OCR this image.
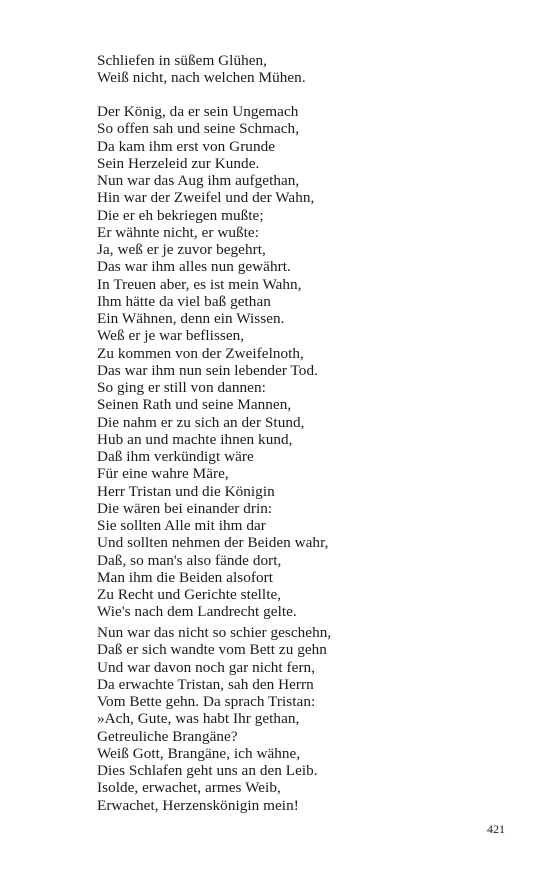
Schliefen in süßem Glühen,
Weiß nicht, nach welchen Mühen.
Der König, da er sein Ungemach
So offen sah und seine Schmach,
Da kam ihm erst von Grunde
Sein Herzeleid zur Kunde.
Nun war das Aug ihm aufgethan,
Hin war der Zweifel und der Wahn,
Die er eh bekriegen mußte;
Er wähnte nicht, er wußte:
Ja, weß er je zuvor begehrt,
Das war ihm alles nun gewährt.
In Treuen aber, es ist mein Wahn,
Ihm hätte da viel baß gethan
Ein Wähnen, denn ein Wissen.
Weß er je war beflissen,
Zu kommen von der Zweifelnoth,
Das war ihm nun sein lebender Tod.
So ging er still von dannen:
Seinen Rath und seine Mannen,
Die nahm er zu sich an der Stund,
Hub an und machte ihnen kund,
Daß ihm verkündigt wäre
Für eine wahre Märe,
Herr Tristan und die Königin
Die wären bei einander drin:
Sie sollten Alle mit ihm dar
Und sollten nehmen der Beiden wahr,
Daß, so man's also fände dort,
Man ihm die Beiden alsofort
Zu Recht und Gerichte stellte,
Wie's nach dem Landrecht gelte.
Nun war das nicht so schier geschehn,
Daß er sich wandte vom Bett zu gehn
Und war davon noch gar nicht fern,
Da erwachte Tristan, sah den Herrn
Vom Bette gehn. Da sprach Tristan:
»Ach, Gute, was habt Ihr gethan,
Getreuliche Brangäne?
Weiß Gott, Brangäne, ich wähne,
Dies Schlafen geht uns an den Leib.
Isolde, erwachet, armes Weib,
Erwachet, Herzenskönigin mein!
421
